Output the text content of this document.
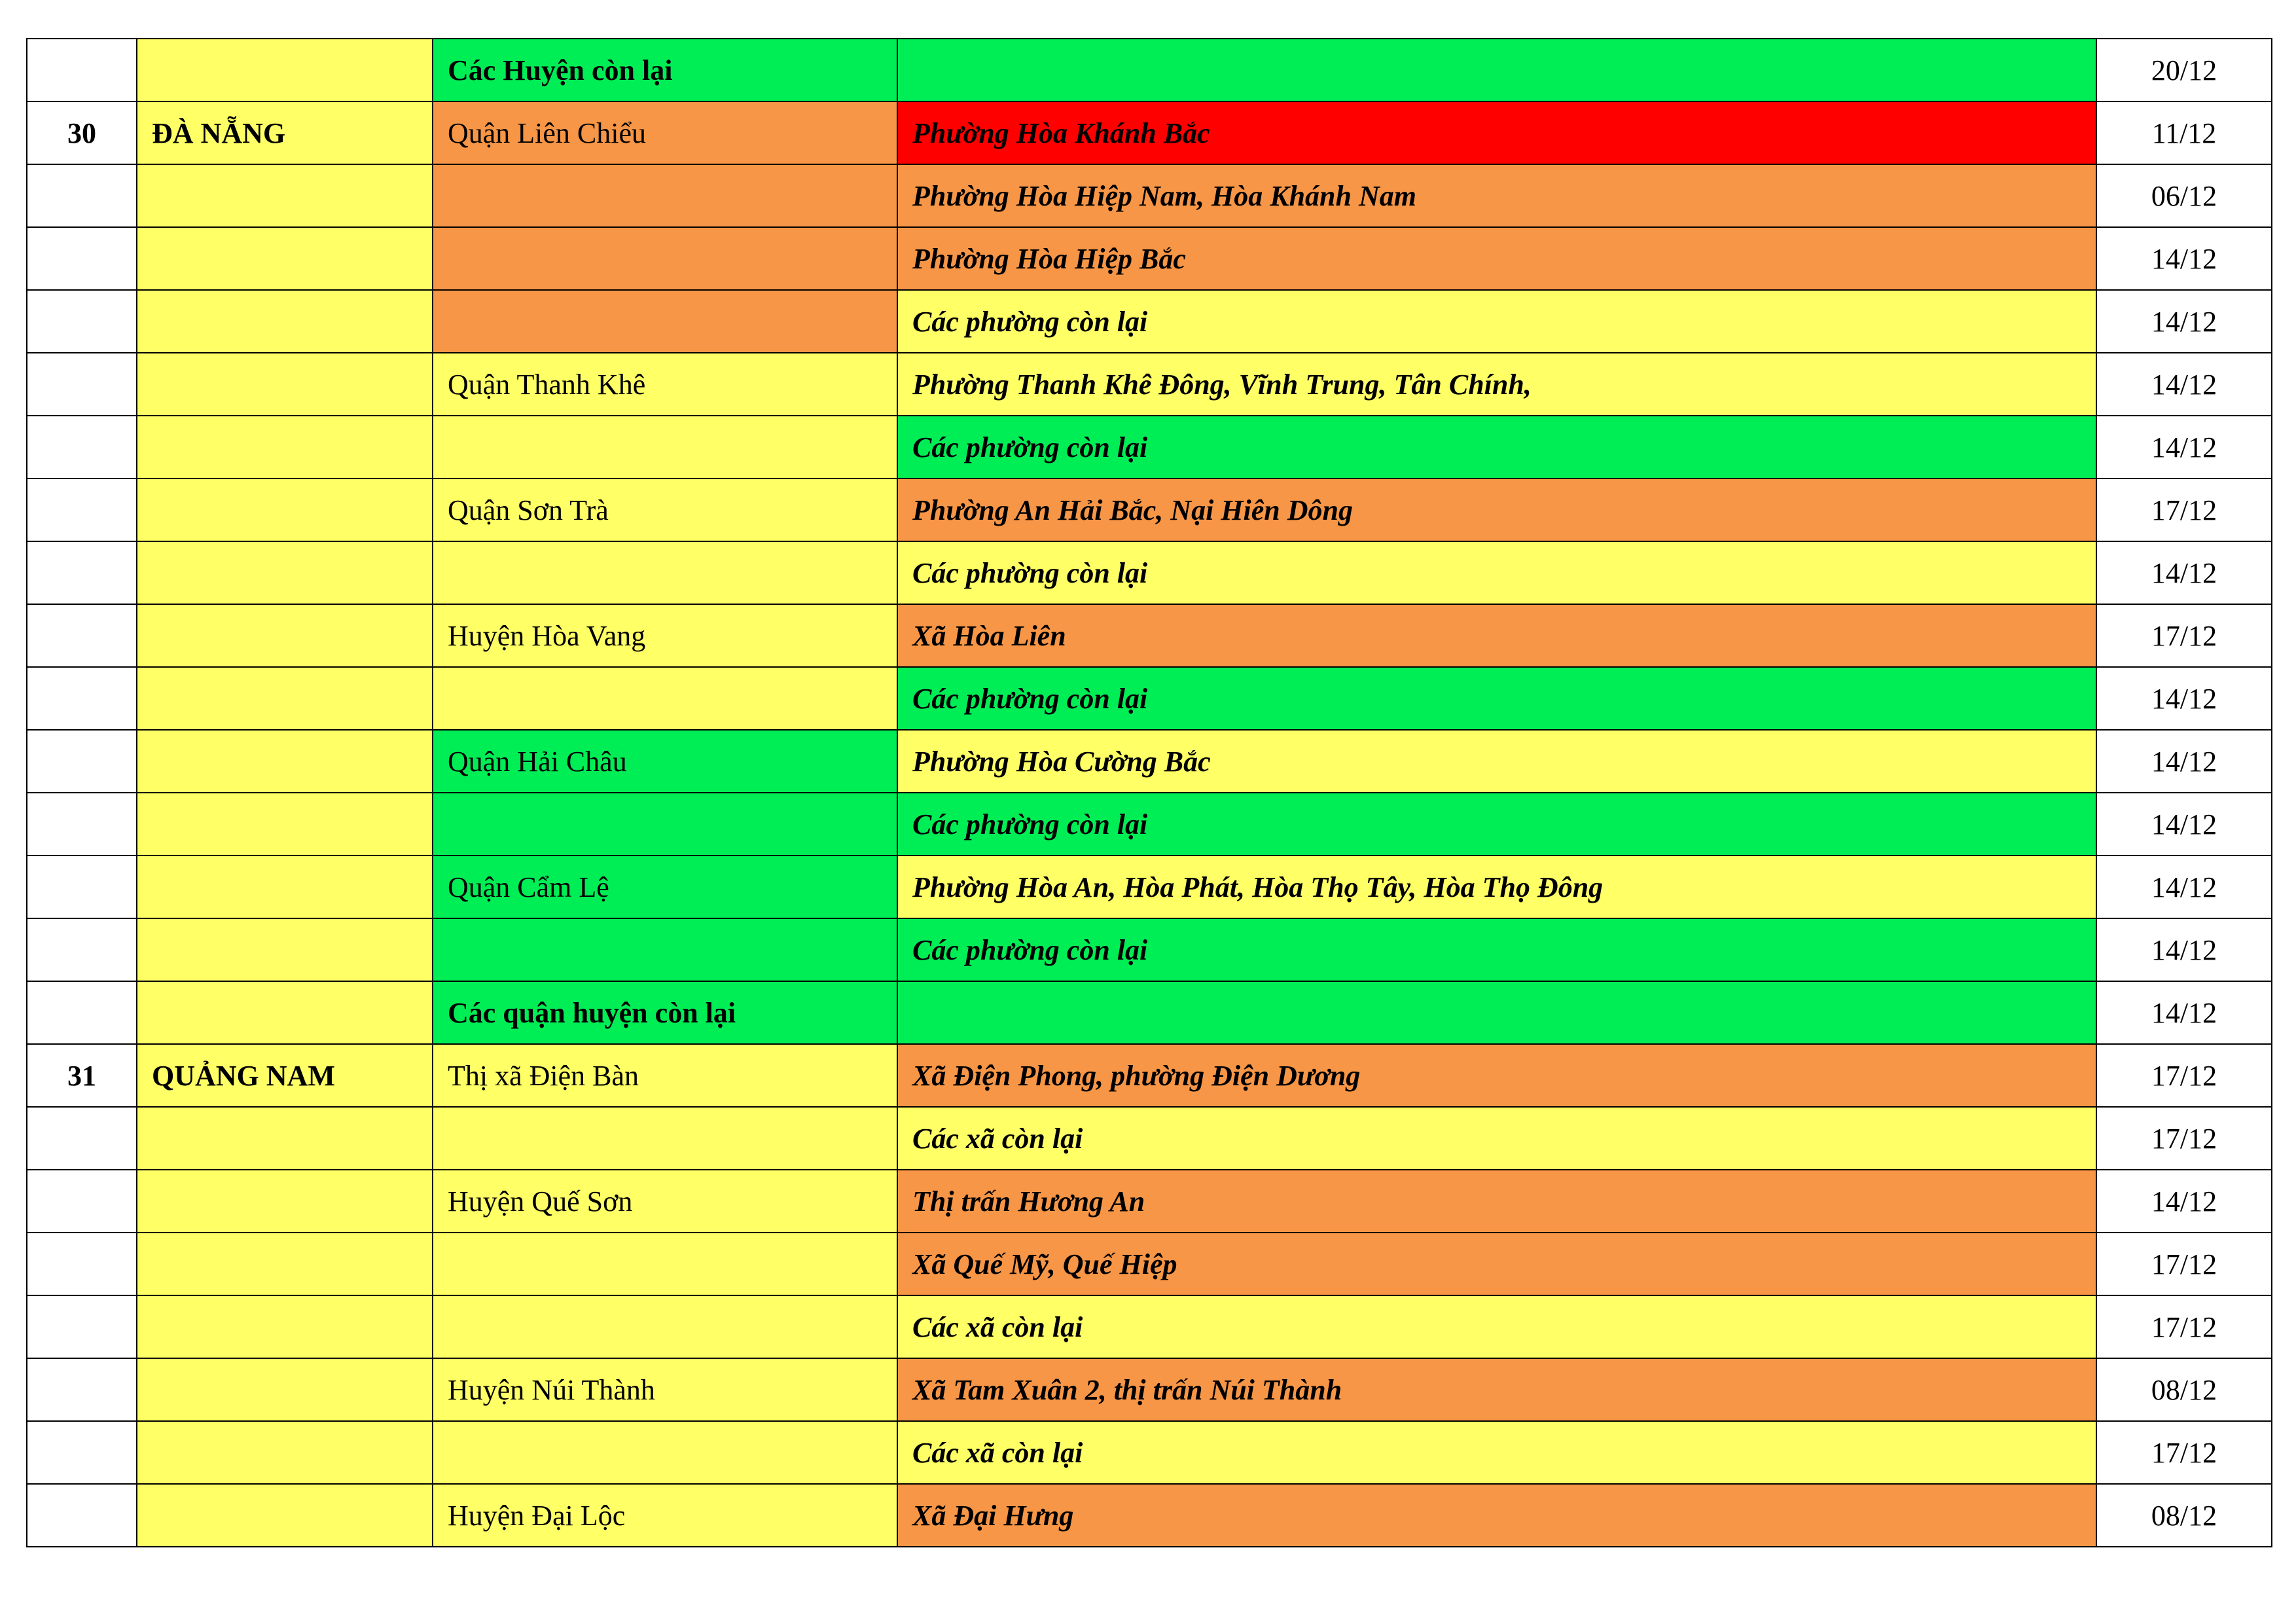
		Các Huyện còn lại		20/12
30	ĐÀ NẴNG	Quận Liên Chiểu	Phường Hòa Khánh Bắc	11/12
			Phường Hòa Hiệp Nam, Hòa Khánh Nam	06/12
			Phường Hòa Hiệp Bắc	14/12
			Các phường còn lại	14/12
		Quận Thanh Khê	Phường Thanh Khê Đông, Vĩnh Trung, Tân Chính,	14/12
			Các phường còn lại	14/12
		Quận Sơn Trà	Phường An Hải Bắc, Nại Hiên Dông	17/12
			Các phường còn lại	14/12
		Huyện Hòa Vang	Xã Hòa Liên	17/12
			Các phường còn lại	14/12
		Quận Hải Châu	Phường Hòa Cường Bắc	14/12
			Các phường còn lại	14/12
		Quận Cẩm Lệ	Phường Hòa An, Hòa Phát, Hòa Thọ Tây, Hòa Thọ Đông	14/12
			Các phường còn lại	14/12
		Các quận huyện còn lại		14/12
31	QUẢNG NAM	Thị xã Điện Bàn	Xã Điện Phong, phường Điện Dương	17/12
			Các xã còn lại	17/12
		Huyện Quế Sơn	Thị trấn Hương An	14/12
			Xã Quế Mỹ, Quế Hiệp	17/12
			Các xã còn lại	17/12
		Huyện Núi Thành	Xã Tam Xuân 2, thị trấn Núi Thành	08/12
			Các xã còn lại	17/12
		Huyện Đại Lộc	Xã Đại Hưng	08/12
